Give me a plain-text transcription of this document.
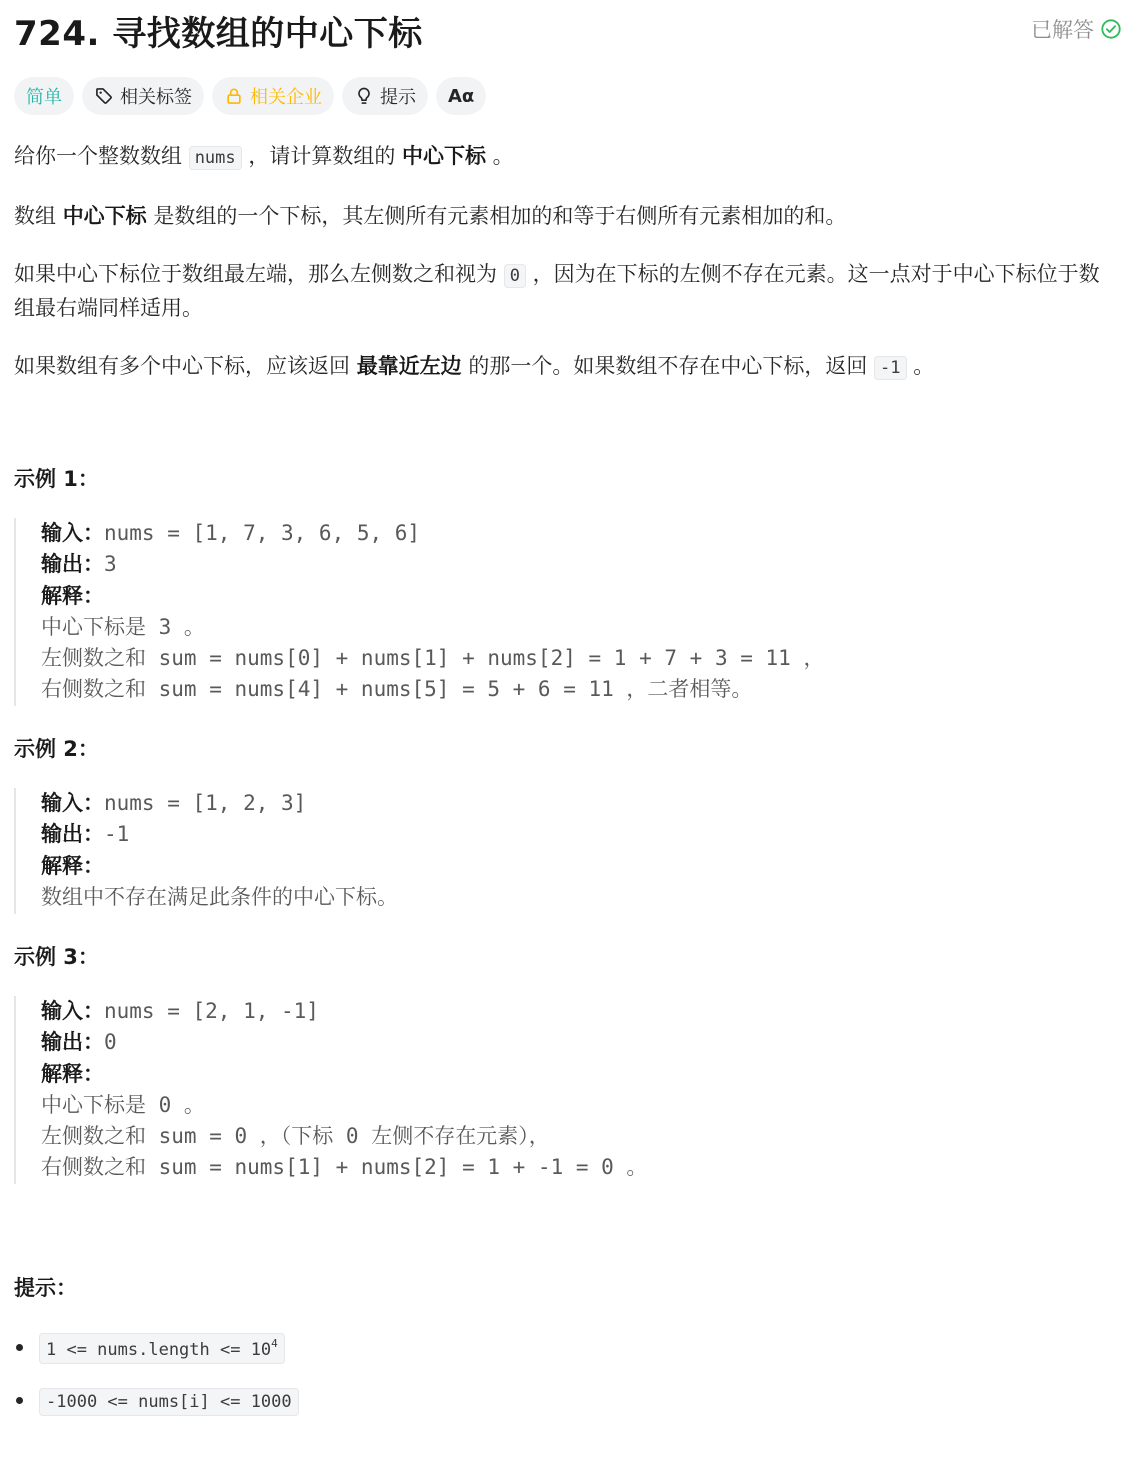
724. 寻找数组的中心下标	已解答
简单	相关标签	相关企业	提示 Aα

给你一个整数数组 nums ，请计算数组的 中心下标 。

数组 中心下标 是数组的一个下标，其左侧所有元素相加的和等于右侧所有元素相加的和。

如果中心下标位于数组最左端，那么左侧数之和视为 0 ，因为在下标的左侧不存在元素。这一点对于中心下标位于数组最右端同样适用。

如果数组有多个中心下标，应该返回 最靠近左边 的那一个。如果数组不存在中心下标，返回 -1 。

示例 1：
输入：nums = [1, 7, 3, 6, 5, 6]
输出：3
解释：
中心下标是 3 。
左侧数之和 sum = nums[0] + nums[1] + nums[2] = 1 + 7 + 3 = 11 ，
右侧数之和 sum = nums[4] + nums[5] = 5 + 6 = 11 ，二者相等。
示例 2：
输入：nums = [1, 2, 3]
输出：-1
解释：
数组中不存在满足此条件的中心下标。
示例 3：
输入：nums = [2, 1, -1]
输出：0
解释：
中心下标是 0 。
左侧数之和 sum = 0 ，（下标 0 左侧不存在元素），
右侧数之和 sum = nums[1] + nums[2] = 1 + -1 = 0 。
提示：
1 <= nums.length <= $10^4$
-1000 <= nums[i] <= 1000
